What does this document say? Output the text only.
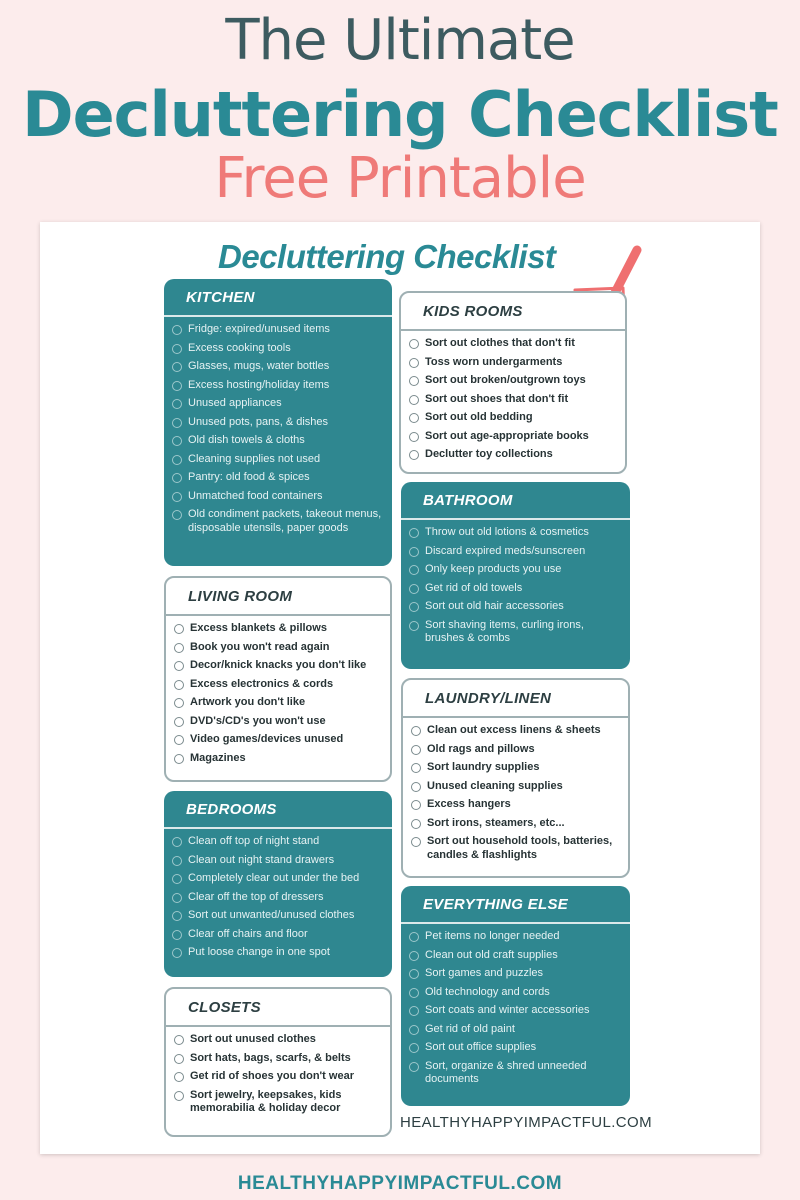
The Ultimate
Decluttering Checklist
Free Printable
Decluttering Checklist
KITCHEN
Fridge: expired/unused items
Excess cooking tools
Glasses, mugs, water bottles
Excess hosting/holiday items
Unused appliances
Unused pots, pans, & dishes
Old dish towels & cloths
Cleaning supplies not used
Pantry: old food & spices
Unmatched food containers
Old condiment packets, takeout menus, disposable utensils, paper goods
LIVING ROOM
Excess blankets & pillows
Book you won't read again
Decor/knick knacks you don't like
Excess electronics & cords
Artwork you don't like
DVD's/CD's you won't use
Video games/devices unused
Magazines
BEDROOMS
Clean off top of night stand
Clean out night stand drawers
Completely clear out under the bed
Clear off the top of dressers
Sort out unwanted/unused clothes
Clear off chairs and floor
Put loose change in one spot
CLOSETS
Sort out unused clothes
Sort hats, bags, scarfs, & belts
Get rid of shoes you don't wear
Sort jewelry, keepsakes, kids memorabilia & holiday decor
KIDS ROOMS
Sort out clothes that don't fit
Toss worn undergarments
Sort out broken/outgrown toys
Sort out shoes that don't fit
Sort out old bedding
Sort out age-appropriate books
Declutter toy collections
BATHROOM
Throw out old lotions & cosmetics
Discard expired meds/sunscreen
Only keep products you use
Get rid of old towels
Sort out old hair accessories
Sort shaving items, curling irons, brushes & combs
LAUNDRY/LINEN
Clean out excess linens & sheets
Old rags and pillows
Sort laundry supplies
Unused cleaning supplies
Excess hangers
Sort irons, steamers, etc...
Sort out household tools, batteries, candles & flashlights
EVERYTHING ELSE
Pet items no longer needed
Clean out old craft supplies
Sort games and puzzles
Old technology and cords
Sort coats and winter accessories
Get rid of old paint
Sort out office supplies
Sort, organize & shred unneeded documents
HEALTHYHAPPYIMPACTFUL.COM
HEALTHYHAPPYIMPACTFUL.COM
